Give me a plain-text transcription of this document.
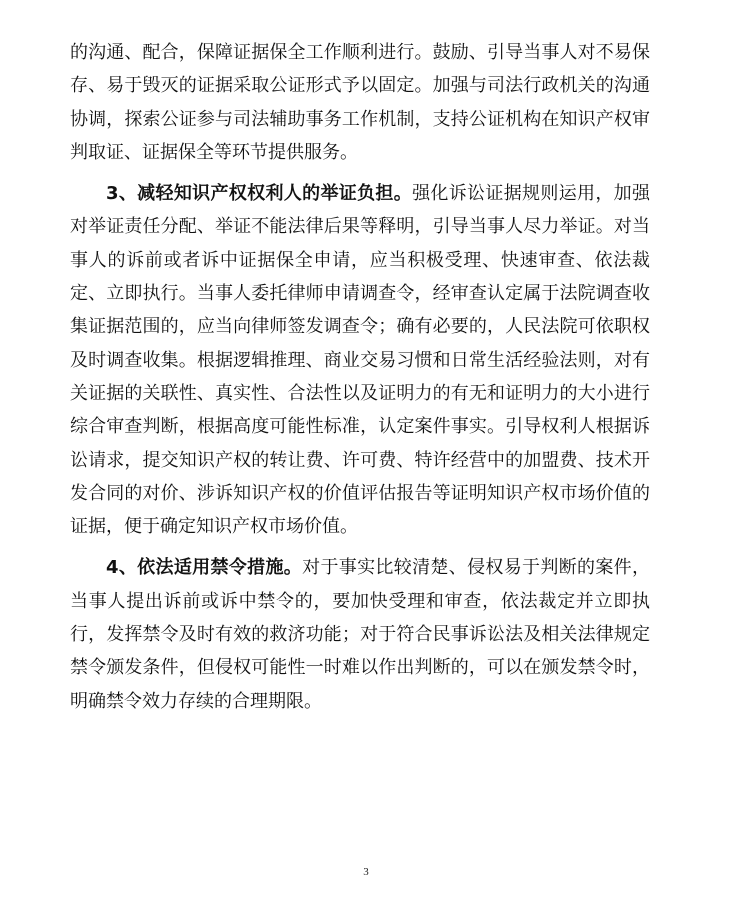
的沟通、配合，保障证据保全工作顺利进行。鼓励、引导当事人对不易保存、易于毁灭的证据采取公证形式予以固定。加强与司法行政机关的沟通协调，探索公证参与司法辅助事务工作机制，支持公证机构在知识产权审判取证、证据保全等环节提供服务。

3、减轻知识产权权利人的举证负担。强化诉讼证据规则运用，加强对举证责任分配、举证不能法律后果等释明，引导当事人尽力举证。对当事人的诉前或者诉中证据保全申请，应当积极受理、快速审查、依法裁定、立即执行。当事人委托律师申请调查令，经审查认定属于法院调查收集证据范围的，应当向律师签发调查令；确有必要的，人民法院可依职权及时调查收集。根据逻辑推理、商业交易习惯和日常生活经验法则，对有关证据的关联性、真实性、合法性以及证明力的有无和证明力的大小进行综合审查判断，根据高度可能性标准，认定案件事实。引导权利人根据诉讼请求，提交知识产权的转让费、许可费、特许经营中的加盟费、技术开发合同的对价、涉诉知识产权的价值评估报告等证明知识产权市场价值的证据，便于确定知识产权市场价值。

4、依法适用禁令措施。对于事实比较清楚、侵权易于判断的案件，当事人提出诉前或诉中禁令的，要加快受理和审查，依法裁定并立即执行，发挥禁令及时有效的救济功能；对于符合民事诉讼法及相关法律规定禁令颁发条件，但侵权可能性一时难以作出判断的，可以在颁发禁令时，明确禁令效力存续的合理期限。

3
